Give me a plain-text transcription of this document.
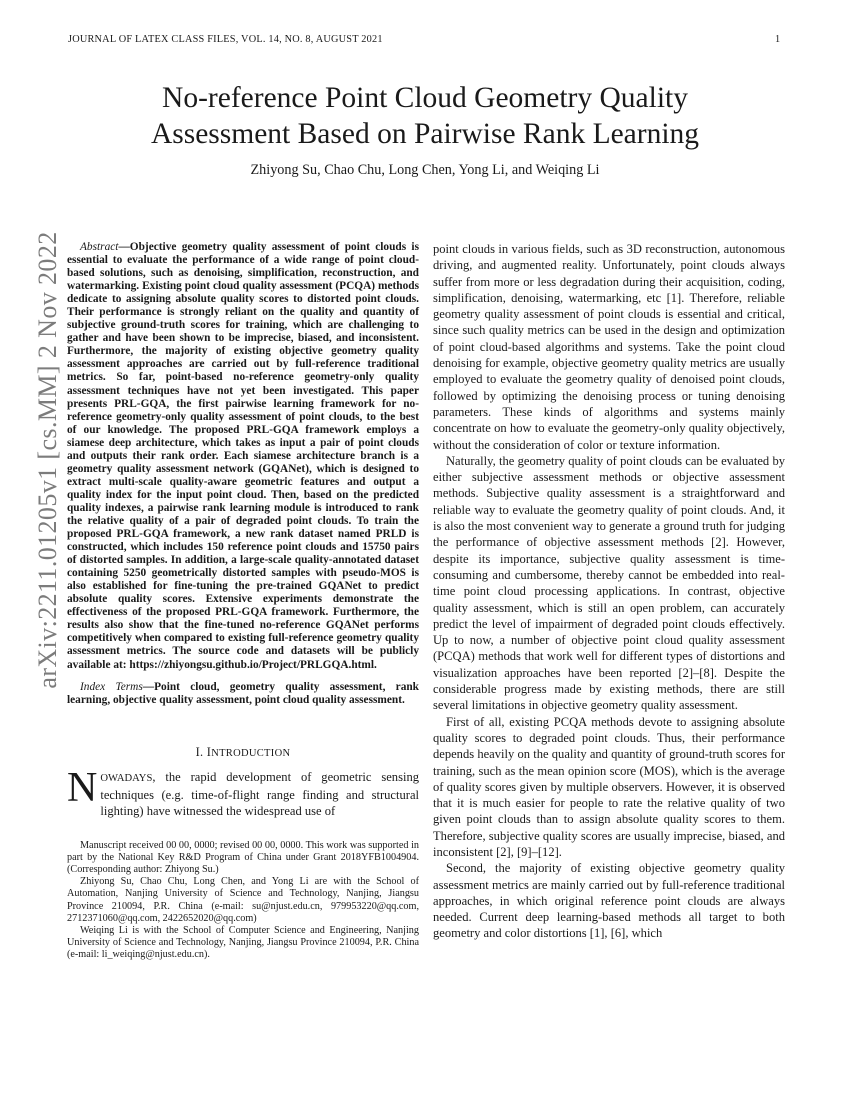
JOURNAL OF LATEX CLASS FILES, VOL. 14, NO. 8, AUGUST 2021	1
No-reference Point Cloud Geometry Quality
Assessment Based on Pairwise Rank Learning
Zhiyong Su, Chao Chu, Long Chen, Yong Li, and Weiqing Li
arXiv:2211.01205v1 [cs.MM] 2 Nov 2022	Abstract—Objective geometry quality assessment of point clouds is essential to evaluate the performance of a wide range of point cloud-based solutions, such as denoising, simplification, reconstruction, and watermarking. Existing point cloud quality assessment (PCQA) methods dedicate to assigning absolute quality scores to distorted point clouds. Their performance is strongly reliant on the quality and quantity of subjective ground-truth scores for training, which are challenging to gather and have been shown to be imprecise, biased, and inconsistent. Furthermore, the majority of existing objective geometry quality assessment approaches are carried out by full-reference traditional metrics. So far, point-based no-reference geometry-only quality assessment techniques have not yet been investigated. This paper presents PRL-GQA, the first pairwise learning framework for no-reference geometry-only quality assessment of point clouds, to the best of our knowledge. The proposed PRL-GQA framework employs a siamese deep architecture, which takes as input a pair of point clouds and outputs their rank order. Each siamese architecture branch is a geometry quality assessment network (GQANet), which is designed to extract multi-scale quality-aware geometric features and output a quality index for the input point cloud. Then, based on the predicted quality indexes, a pairwise rank learning module is introduced to rank the relative quality of a pair of degraded point clouds. To train the proposed PRL-GQA framework, a new rank dataset named PRLD is constructed, which includes 150 reference point clouds and 15750 pairs of distorted samples. In addition, a large-scale quality-annotated dataset containing 5250 geometrically distorted samples with pseudo-MOS is also established for fine-tuning the pre-trained GQANet to predict absolute quality scores. Extensive experiments demonstrate the effectiveness of the proposed PRL-GQA framework. Furthermore, the results also show that the fine-tuned no-reference GQANet performs competitively when compared to existing full-reference geometry quality assessment metrics. The source code and datasets will be publicly available at: https://zhiyongsu.github.io/Project/PRLGQA.html.

Index Terms—Point cloud, geometry quality assessment, rank learning, objective quality assessment, point cloud quality assessment.

I. INTRODUCTION

NOWADAYS, the rapid development of geometric sensing techniques (e.g. time-of-flight range finding and structural lighting) have witnessed the widespread use of

Manuscript received 00 00, 0000; revised 00 00, 0000. This work was supported in part by the National Key R&D Program of China under Grant 2018YFB1004904. (Corresponding author: Zhiyong Su.)

Zhiyong Su, Chao Chu, Long Chen, and Yong Li are with the School of Automation, Nanjing University of Science and Technology, Nanjing, Jiangsu Province 210094, P.R. China (e-mail: su@njust.edu.cn, 979953220@qq.com, 2712371060@qq.com, 2422652020@qq.com)

Weiqing Li is with the School of Computer Science and Engineering, Nanjing University of Science and Technology, Nanjing, Jiangsu Province 210094, P.R. China (e-mail: li_weiqing@njust.edu.cn).

point clouds in various fields, such as 3D reconstruction, autonomous driving, and augmented reality. Unfortunately, point clouds always suffer from more or less degradation during their acquisition, coding, simplification, denoising, watermarking, etc [1]. Therefore, reliable geometry quality assessment of point clouds is essential and critical, since such quality metrics can be used in the design and optimization of point cloud-based algorithms and systems. Take the point cloud denoising for example, objective geometry quality metrics are usually employed to evaluate the geometry quality of denoised point clouds, followed by optimizing the denoising process or tuning denoising parameters. These kinds of algorithms and systems mainly concentrate on how to evaluate the geometry-only quality objectively, without the consideration of color or texture information.

Naturally, the geometry quality of point clouds can be evaluated by either subjective assessment methods or objective assessment methods. Subjective quality assessment is a straightforward and reliable way to evaluate the geometry quality of point clouds. And, it is also the most convenient way to generate a ground truth for judging the performance of objective assessment methods [2]. However, despite its importance, subjective quality assessment is time-consuming and cumbersome, thereby cannot be embedded into real-time point cloud processing applications. In contrast, objective quality assessment, which is still an open problem, can accurately predict the level of impairment of degraded point clouds effectively. Up to now, a number of objective point cloud quality assessment (PCQA) methods that work well for different types of distortions and visualization approaches have been reported [2]–[8]. Despite the considerable progress made by existing methods, there are still several limitations in objective geometry quality assessment.

First of all, existing PCQA methods devote to assigning absolute quality scores to degraded point clouds. Thus, their performance depends heavily on the quality and quantity of ground-truth scores for training, such as the mean opinion score (MOS), which is the average of quality scores given by multiple observers. However, it is observed that it is much easier for people to rate the relative quality of two given point clouds than to assign absolute quality scores to them. Therefore, subjective quality scores are usually imprecise, biased, and inconsistent [2], [9]–[12].

Second, the majority of existing objective geometry quality assessment metrics are mainly carried out by full-reference traditional approaches, in which original reference point clouds are always needed. Current deep learning-based methods all target to both geometry and color distortions [1], [6], which
